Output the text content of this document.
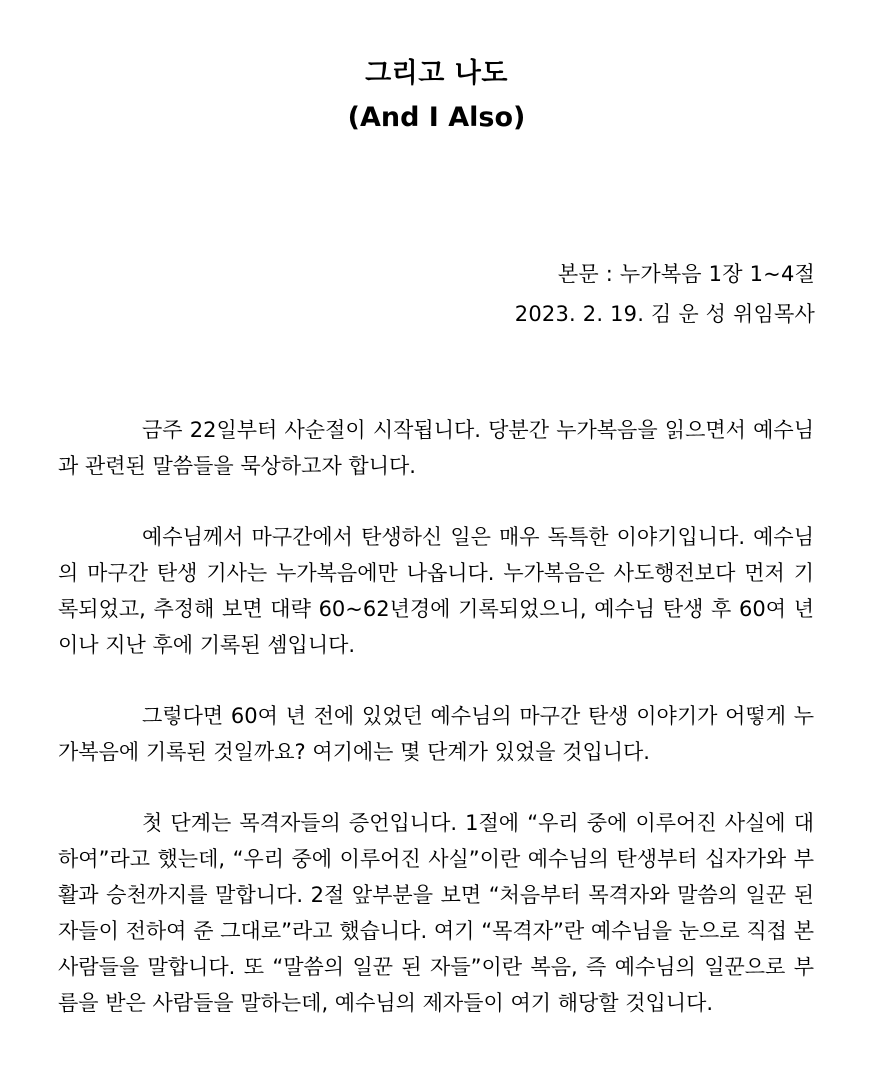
그리고 나도
(And I Also)
본문 : 누가복음 1장 1~4절
2023. 2. 19. 김 운 성 위임목사

금주 22일부터 사순절이 시작됩니다. 당분간 누가복음을 읽으면서 예수님과 관련된 말씀들을 묵상하고자 합니다.

예수님께서 마구간에서 탄생하신 일은 매우 독특한 이야기입니다. 예수님의 마구간 탄생 기사는 누가복음에만 나옵니다. 누가복음은 사도행전보다 먼저 기록되었고, 추정해 보면 대략 60~62년경에 기록되었으니, 예수님 탄생 후 60여 년이나 지난 후에 기록된 셈입니다.

그렇다면 60여 년 전에 있었던 예수님의 마구간 탄생 이야기가 어떻게 누가복음에 기록된 것일까요? 여기에는 몇 단계가 있었을 것입니다.

첫 단계는 목격자들의 증언입니다. 1절에 “우리 중에 이루어진 사실에 대하여”라고 했는데, “우리 중에 이루어진 사실”이란 예수님의 탄생부터 십자가와 부활과 승천까지를 말합니다. 2절 앞부분을 보면 “처음부터 목격자와 말씀의 일꾼 된 자들이 전하여 준 그대로”라고 했습니다. 여기 “목격자”란 예수님을 눈으로 직접 본 사람들을 말합니다. 또 “말씀의 일꾼 된 자들”이란 복음, 즉 예수님의 일꾼으로 부름을 받은 사람들을 말하는데, 예수님의 제자들이 여기 해당할 것입니다.
